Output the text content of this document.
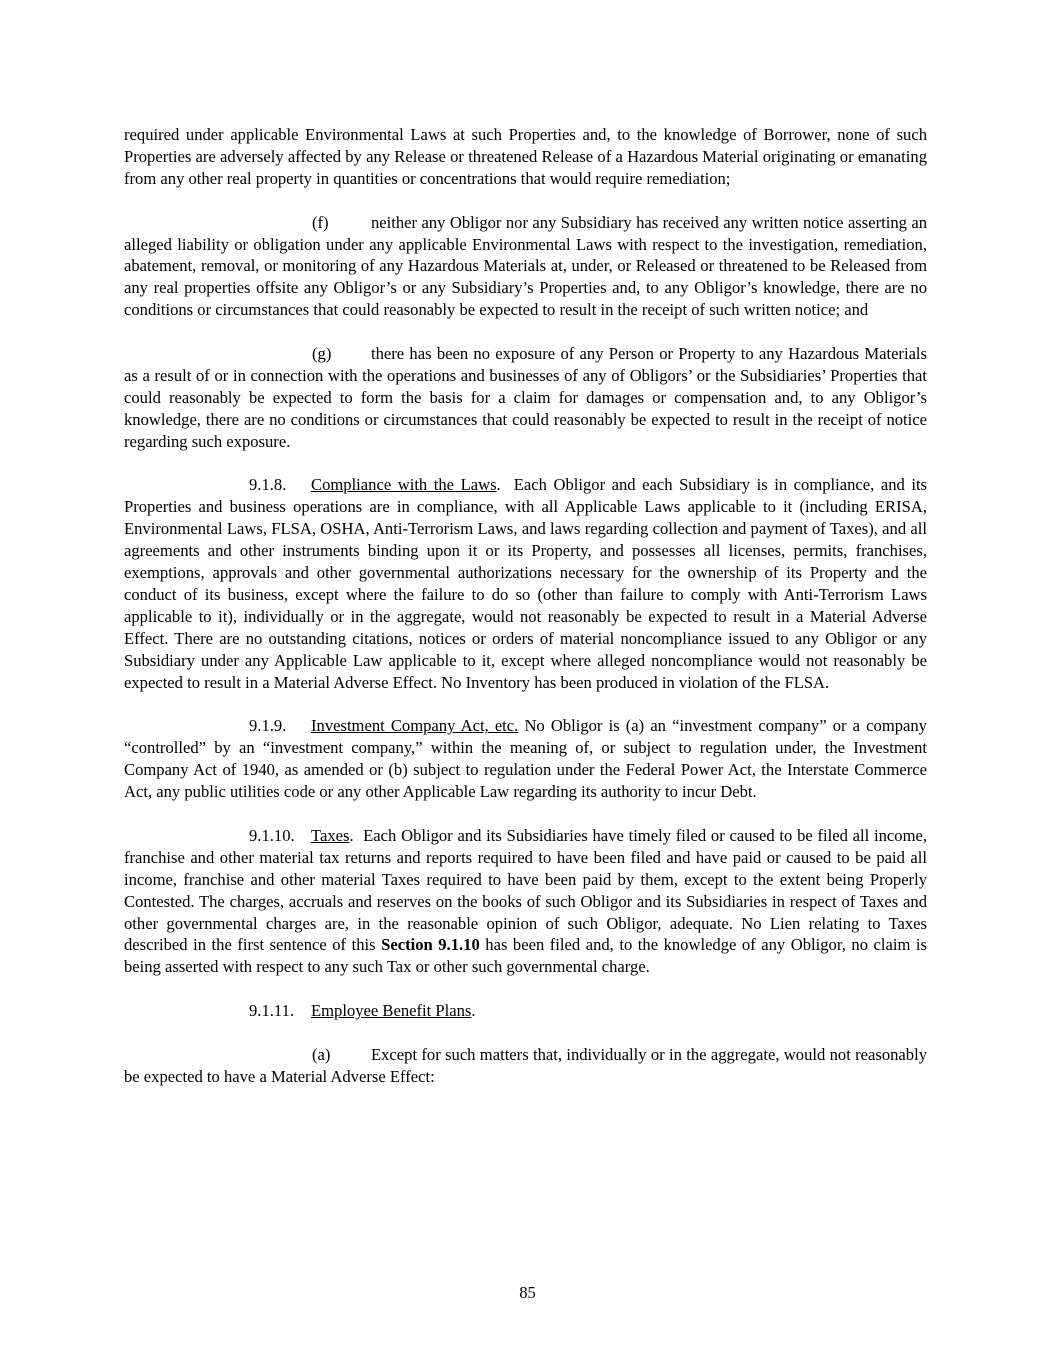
required under applicable Environmental Laws at such Properties and, to the knowledge of Borrower, none of such Properties are adversely affected by any Release or threatened Release of a Hazardous Material originating or emanating from any other real property in quantities or concentrations that would require remediation;

(f)	neither any Obligor nor any Subsidiary has received any written notice asserting an alleged liability or obligation under any applicable Environmental Laws with respect to the investigation, remediation, abatement, removal, or monitoring of any Hazardous Materials at, under, or Released or threatened to be Released from any real properties offsite any Obligor’s or any Subsidiary’s Properties and, to any Obligor’s knowledge, there are no conditions or circumstances that could reasonably be expected to result in the receipt of such written notice; and

(g) there has been no exposure of any Person or Property to any Hazardous Materials as a result of or in connection with the operations and businesses of any of Obligors’ or the Subsidiaries’ Properties that could reasonably be expected to form the basis for a claim for damages or compensation and, to any Obligor’s knowledge, there are no conditions or circumstances that could reasonably be expected to result in the receipt of notice regarding such exposure.

9.1.8. Compliance with the Laws. Each Obligor and each Subsidiary is in compliance, and its Properties and business operations are in compliance, with all Applicable Laws applicable to it (including ERISA, Environmental Laws, FLSA, OSHA, Anti-Terrorism Laws, and laws regarding collection and payment of Taxes), and all agreements and other instruments binding upon it or its Property, and possesses all licenses, permits, franchises, exemptions, approvals and other governmental authorizations necessary for the ownership of its Property and the conduct of its business, except where the failure to do so (other than failure to comply with Anti-Terrorism Laws applicable to it), individually or in the aggregate, would not reasonably be expected to result in a Material Adverse Effect. There are no outstanding citations, notices or orders of material noncompliance issued to any Obligor or any Subsidiary under any Applicable Law applicable to it, except where alleged noncompliance would not reasonably be expected to result in a Material Adverse Effect. No Inventory has been produced in violation of the FLSA.

9.1.9. Investment Company Act, etc. No Obligor is (a) an “investment company” or a company “controlled” by an “investment company,” within the meaning of, or subject to regulation under, the Investment Company Act of 1940, as amended or (b) subject to regulation under the Federal Power Act, the Interstate Commerce Act, any public utilities code or any other Applicable Law regarding its authority to incur Debt.

9.1.10. Taxes. Each Obligor and its Subsidiaries have timely filed or caused to be filed all income, franchise and other material tax returns and reports required to have been filed and have paid or caused to be paid all income, franchise and other material Taxes required to have been paid by them, except to the extent being Properly Contested. The charges, accruals and reserves on the books of such Obligor and its Subsidiaries in respect of Taxes and other governmental charges are, in the reasonable opinion of such Obligor, adequate. No Lien relating to Taxes described in the first sentence of this Section 9.1.10 has been filed and, to the knowledge of any Obligor, no claim is being asserted with respect to any such Tax or other such governmental charge.

9.1.11. Employee Benefit Plans.

(a) Except for such matters that, individually or in the aggregate, would not reasonably be expected to have a Material Adverse Effect:

85
